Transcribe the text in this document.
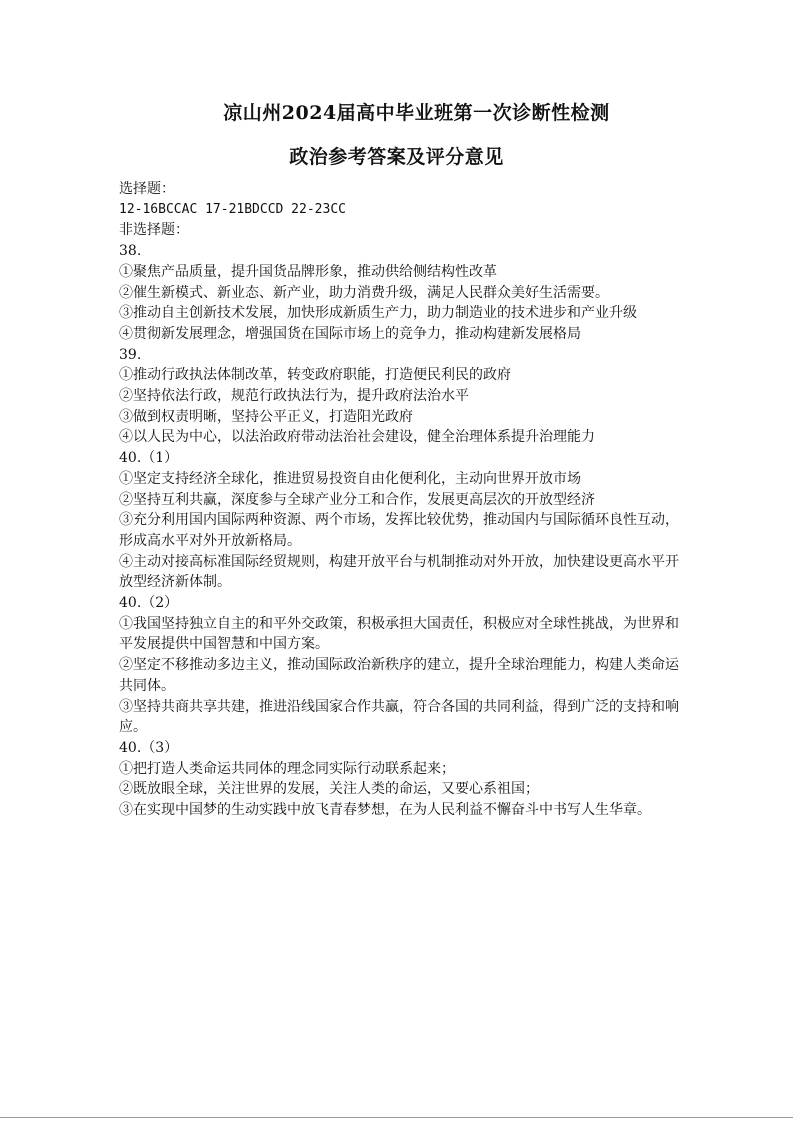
凉山州2024届高中毕业班第一次诊断性检测
政治参考答案及评分意见
选择题：
12-16BCCAC 17-21BDCCD 22-23CC
非选择题：
38.
①聚焦产品质量，提升国货品牌形象，推动供给侧结构性改革
②催生新模式、新业态、新产业，助力消费升级，满足人民群众美好生活需要。
③推动自主创新技术发展，加快形成新质生产力，助力制造业的技术进步和产业升级
④贯彻新发展理念，增强国货在国际市场上的竞争力，推动构建新发展格局
39.
①推动行政执法体制改革，转变政府职能，打造便民利民的政府
②坚持依法行政，规范行政执法行为，提升政府法治水平
③做到权责明晰，坚持公平正义，打造阳光政府
④以人民为中心，以法治政府带动法治社会建设，健全治理体系提升治理能力
40.（1）
①坚定支持经济全球化，推进贸易投资自由化便利化，主动向世界开放市场
②坚持互利共赢，深度参与全球产业分工和合作，发展更高层次的开放型经济
③充分利用国内国际两种资源、两个市场，发挥比较优势，推动国内与国际循环良性互动，形成高水平对外开放新格局。
④主动对接高标准国际经贸规则，构建开放平台与机制推动对外开放，加快建设更高水平开放型经济新体制。
40.（2）
①我国坚持独立自主的和平外交政策，积极承担大国责任，积极应对全球性挑战，为世界和平发展提供中国智慧和中国方案。
②坚定不移推动多边主义，推动国际政治新秩序的建立，提升全球治理能力，构建人类命运共同体。
③坚持共商共享共建，推进沿线国家合作共赢，符合各国的共同利益，得到广泛的支持和响应。
40.（3）
①把打造人类命运共同体的理念同实际行动联系起来；
②既放眼全球，关注世界的发展，关注人类的命运，又要心系祖国；
③在实现中国梦的生动实践中放飞青春梦想，在为人民利益不懈奋斗中书写人生华章。
